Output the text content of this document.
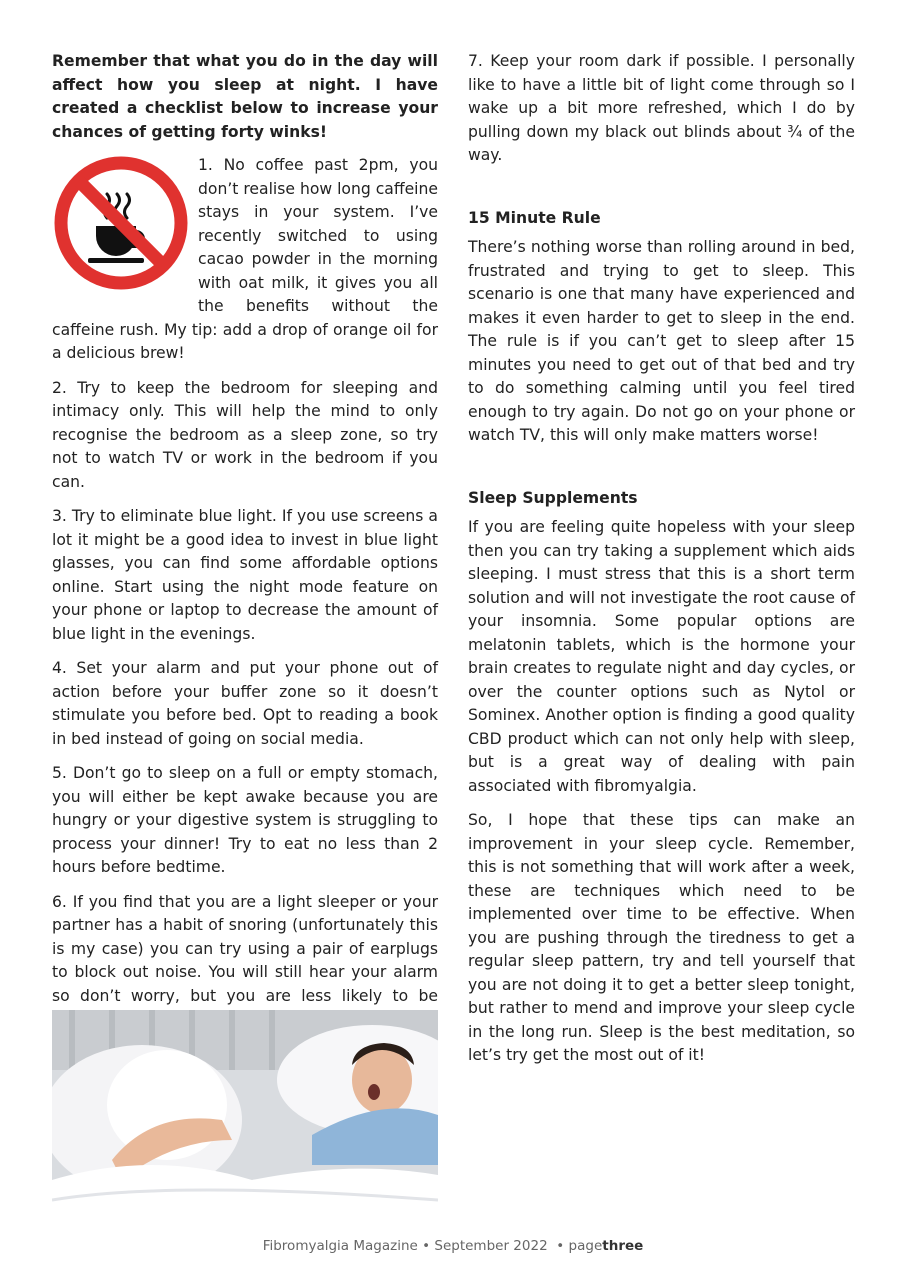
Remember that what you do in the day will affect how you sleep at night. I have created a checklist below to increase your chances of getting forty winks!

1. No coffee past 2pm, you don’t realise how long caffeine stays in your system. I’ve recently switched to using cacao powder in the morning with oat milk, it gives you all the benefits without the caffeine rush. My tip: add a drop of orange oil for a delicious brew!

2. Try to keep the bedroom for sleeping and intimacy only. This will help the mind to only recognise the bedroom as a sleep zone, so try not to watch TV or work in the bedroom if you can.

3. Try to eliminate blue light. If you use screens a lot it might be a good idea to invest in blue light glasses, you can find some affordable options online. Start using the night mode feature on your phone or laptop to decrease the amount of blue light in the evenings.

4. Set your alarm and put your phone out of action before your buffer zone so it doesn’t stimulate you before bed. Opt to reading a book in bed instead of going on social media.

5. Don’t go to sleep on a full or empty stomach, you will either be kept awake because you are hungry or your digestive system is struggling to process your dinner! Try to eat no less than 2 hours before bedtime.

6. If you find that you are a light sleeper or your partner has a habit of snoring (unfortunately this is my case) you can try using a pair of earplugs to block out noise. You will still hear your alarm so don’t worry, but you are less likely to be

7. Keep your room dark if possible. I personally like to have a little bit of light come through so I wake up a bit more refreshed, which I do by pulling down my black out blinds about ¾ of the way.

15 Minute Rule

There’s nothing worse than rolling around in bed, frustrated and trying to get to sleep. This scenario is one that many have experienced and makes it even harder to get to sleep in the end. The rule is if you can’t get to sleep after 15 minutes you need to get out of that bed and try to do something calming until you feel tired enough to try again. Do not go on your phone or watch TV, this will only make matters worse!

Sleep Supplements

If you are feeling quite hopeless with your sleep then you can try taking a supplement which aids sleeping. I must stress that this is a short term solution and will not investigate the root cause of your insomnia. Some popular options are melatonin tablets, which is the hormone your brain creates to regulate night and day cycles, or over the counter options such as Nytol or Sominex. Another option is finding a good quality CBD product which can not only help with sleep, but is a great way of dealing with pain associated with fibromyalgia.

So, I hope that these tips can make an improvement in your sleep cycle. Remember, this is not something that will work after a week, these are techniques which need to be implemented over time to be effective. When you are pushing through the tiredness to get a regular sleep pattern, try and tell yourself that you are not doing it to get a better sleep tonight, but rather to mend and improve your sleep cycle in the long run. Sleep is the best meditation, so let’s try get the most out of it!

Fibromyalgia Magazine • September 2022  • pagethree
